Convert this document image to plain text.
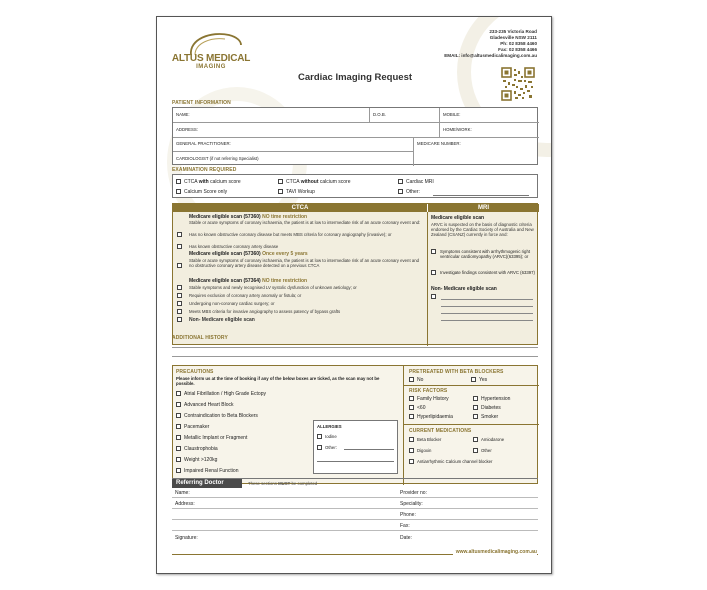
ALTUS MEDICAL
IMAGING
233-235 Victoria Road
Gladesville NSW 2111
Ph: 02 8358 4460
Fax: 02 8358 4466
EMAIL: info@altusmedicalimaging.com.au
Cardiac Imaging Request
PATIENT INFORMATION
NAME:	D.O.B.	MOBILE:
ADDRESS:	HOME/WORK:
GENERAL PRACTITIONER:	MEDICARE NUMBER:
CARDIOLOGIST (if not referring Specialist)
EXAMINATION REQUIRED
CTCA with calcium score	CTCA without calcium score	Cardiac MRI
Calcium Score only	TAVI Workup	Other:
CTCA	MRI
Medicare eligible scan (57360) NO time restriction
Stable or acute symptoms of coronary ischaemia, the patient is at low to intermediate risk of an acute coronary event and:
Has no known obstructive coronary disease but meets MBS criteria for coronary angiography (invasive); or
Has known obstructive coronary artery disease
Medicare eligible scan (57360) Once every 5 years
Stable or acute symptoms of coronary ischaemia, the patient is at low to intermediate risk of an acute coronary event and no obstructive coronary artery disease detected on a previous CTCA
Medicare eligible scan (57364) NO time restriction
Stable symptoms and newly recognised LV systolic dysfunction of unknown aetiology; or
Requires exclusion of coronary artery anomaly or fistula; or
Undergoing non-coronary cardiac surgery; or
Meets MBS criteria for invasive angiography to assess patency of bypass grafts
Non- Medicare eligible scan
Medicare eligible scan
ARVC is suspected on the basis of diagnostic criteria endorsed by the Cardiac Society of Australia and New Zealand (CSANZ) currently in force and:
Symptoms consistent with arrhythmogenic right ventricular cardiomyopathy (ARVC)(63395); or
Investigate findings consistent with ARVC (63397)
Non- Medicare eligible scan
ADDITIONAL HISTORY
PRECAUTIONS
Please inform us at the time of booking if any of the below boxes are ticked, as the scan may not be possible.
Atrial Fibrillation / High Grade Ectopy
Advanced Heart Block
Contraindication to Beta Blockers
Pacemaker
Metallic Implant or Fragment
Claustrophobia
Weight >120kg
Impaired Renal Function
ALLERGIES
Iodine
Other:
PRETREATED WITH BETA BLOCKERS
No	Yes
RISK FACTORS
Family History	Hypertension
<60	Diabetes
Hyperlipidaemia	Smoker
CURRENT MEDICATIONS
Beta Blocker	Amiodarone
Digoxin	Other
Antiarrhythmic Calcium channel blocker
Referring Doctor	These sections MUST be completed
Name:	Provider no:
Address:	Speciality:
Phone:
Fax:
Signature:	Date:
www.altusmedicalimaging.com.au
